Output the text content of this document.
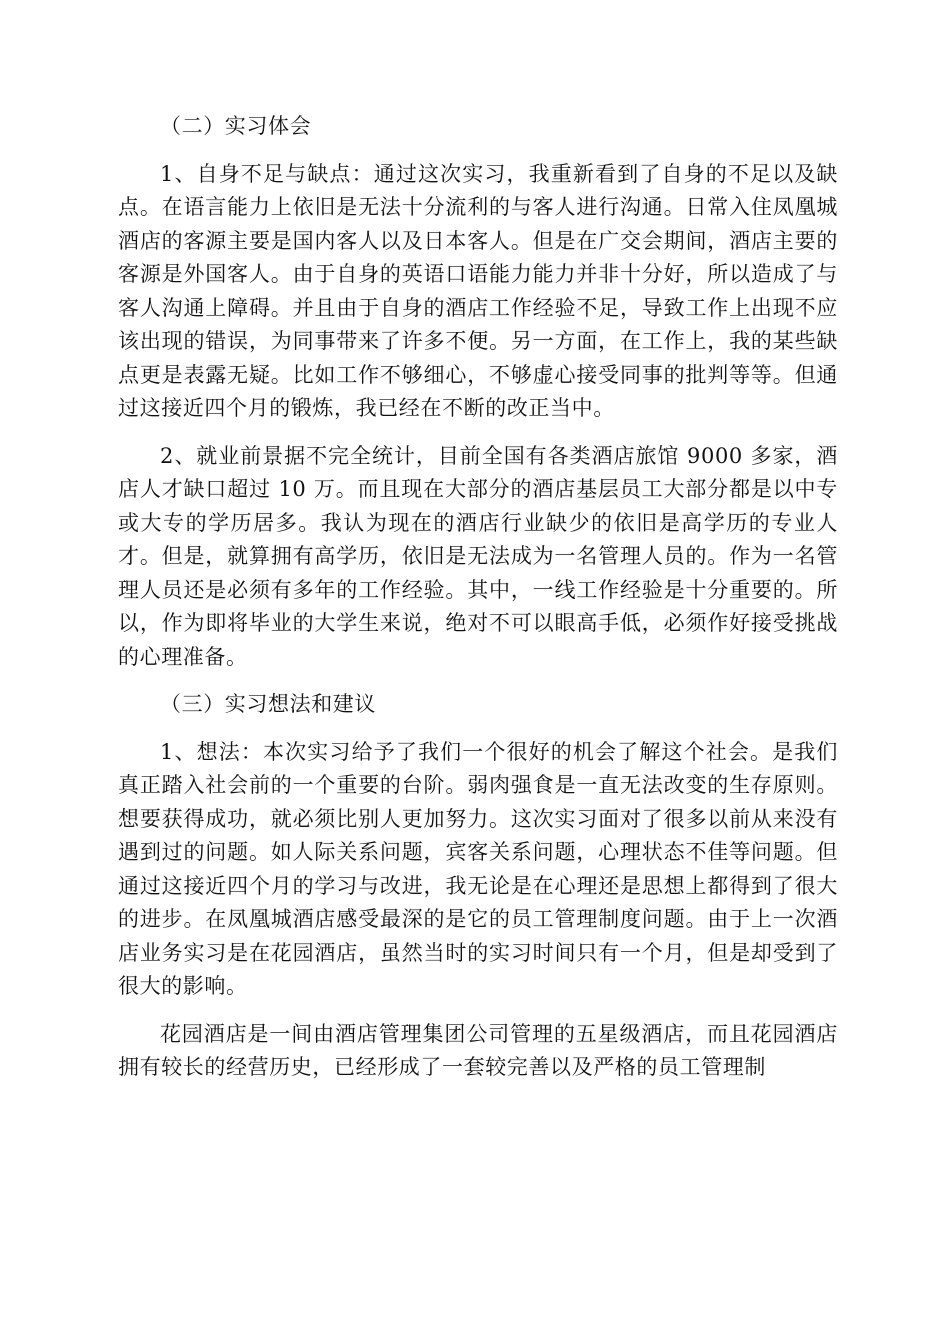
（二）实习体会

1、自身不足与缺点：通过这次实习，我重新看到了自身的不足以及缺点。在语言能力上依旧是无法十分流利的与客人进行沟通。日常入住凤凰城酒店的客源主要是国内客人以及日本客人。但是在广交会期间，酒店主要的客源是外国客人。由于自身的英语口语能力能力并非十分好，所以造成了与客人沟通上障碍。并且由于自身的酒店工作经验不足，导致工作上出现不应该出现的错误，为同事带来了许多不便。另一方面，在工作上，我的某些缺点更是表露无疑。比如工作不够细心，不够虚心接受同事的批判等等。但通过这接近四个月的锻炼，我已经在不断的改正当中。

2、就业前景据不完全统计，目前全国有各类酒店旅馆 9000 多家，酒店人才缺口超过 10 万。而且现在大部分的酒店基层员工大部分都是以中专或大专的学历居多。我认为现在的酒店行业缺少的依旧是高学历的专业人才。但是，就算拥有高学历，依旧是无法成为一名管理人员的。作为一名管理人员还是必须有多年的工作经验。其中，一线工作经验是十分重要的。所以，作为即将毕业的大学生来说，绝对不可以眼高手低，必须作好接受挑战的心理准备。

（三）实习想法和建议

1、想法：本次实习给予了我们一个很好的机会了解这个社会。是我们真正踏入社会前的一个重要的台阶。弱肉强食是一直无法改变的生存原则。想要获得成功，就必须比别人更加努力。这次实习面对了很多以前从来没有遇到过的问题。如人际关系问题，宾客关系问题，心理状态不佳等问题。但通过这接近四个月的学习与改进，我无论是在心理还是思想上都得到了很大的进步。在凤凰城酒店感受最深的是它的员工管理制度问题。由于上一次酒店业务实习是在花园酒店，虽然当时的实习时间只有一个月，但是却受到了很大的影响。

花园酒店是一间由酒店管理集团公司管理的五星级酒店，而且花园酒店拥有较长的经营历史，已经形成了一套较完善以及严格的员工管理制
